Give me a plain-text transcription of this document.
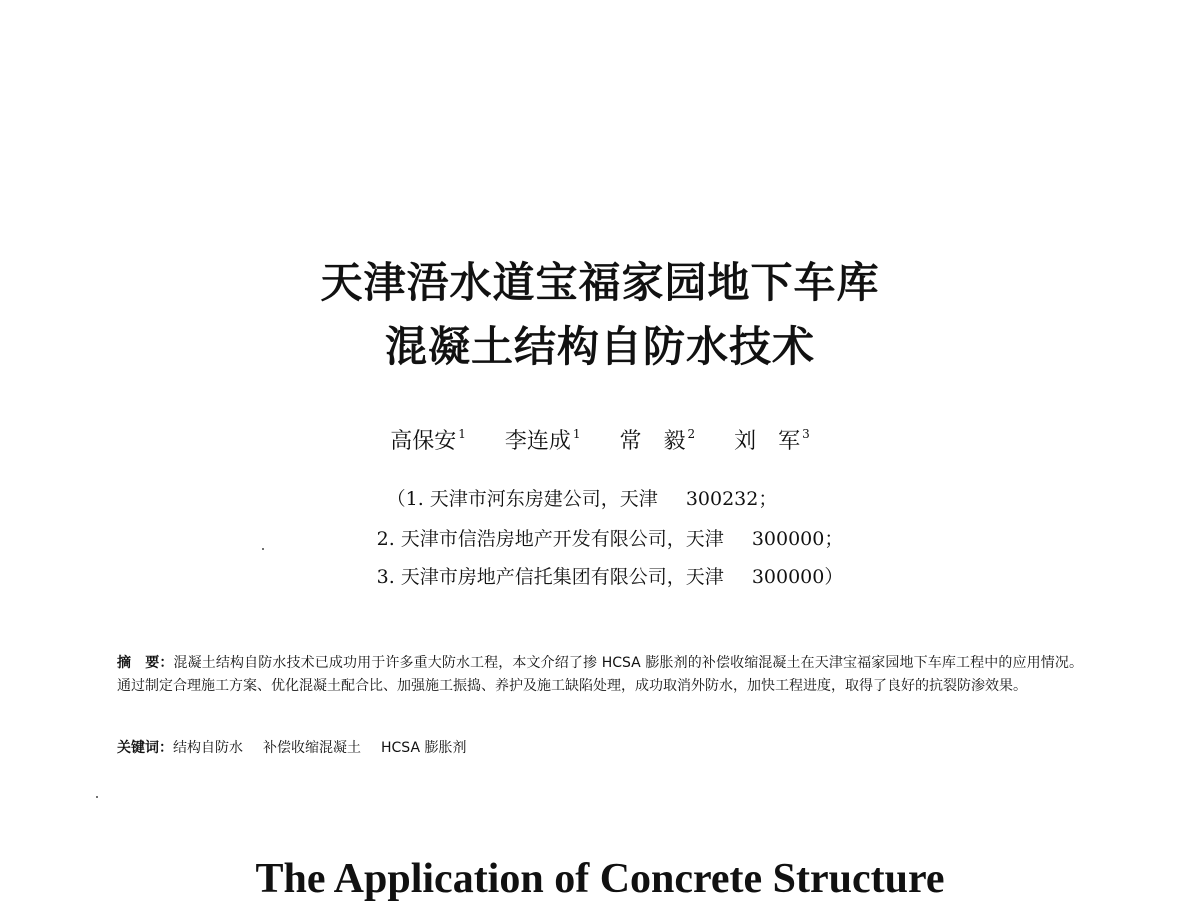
天津浯水道宝福家园地下车库
混凝土结构自防水技术
高保安 $^1$ 李连成 $^1$ 常　毅 $^2$ 刘　军 $^3$
（1. 天津市河东房建公司，天津 300232；
2. 天津市信浩房地产开发有限公司，天津 300000；
3. 天津市房地产信托集团有限公司，天津 300000）

摘　要：混凝土结构自防水技术已成功用于许多重大防水工程，本文介绍了掺 HCSA 膨胀剂的补偿收缩混凝土在天津宝福家园地下车库工程中的应用情况。通过制定合理施工方案、优化混凝土配合比、加强施工振捣、养护及施工缺陷处理，成功取消外防水，加快工程进度，取得了良好的抗裂防渗效果。

关键词：结构自防水 补偿收缩混凝土 HCSA 膨胀剂

The Application of Concrete Structure
